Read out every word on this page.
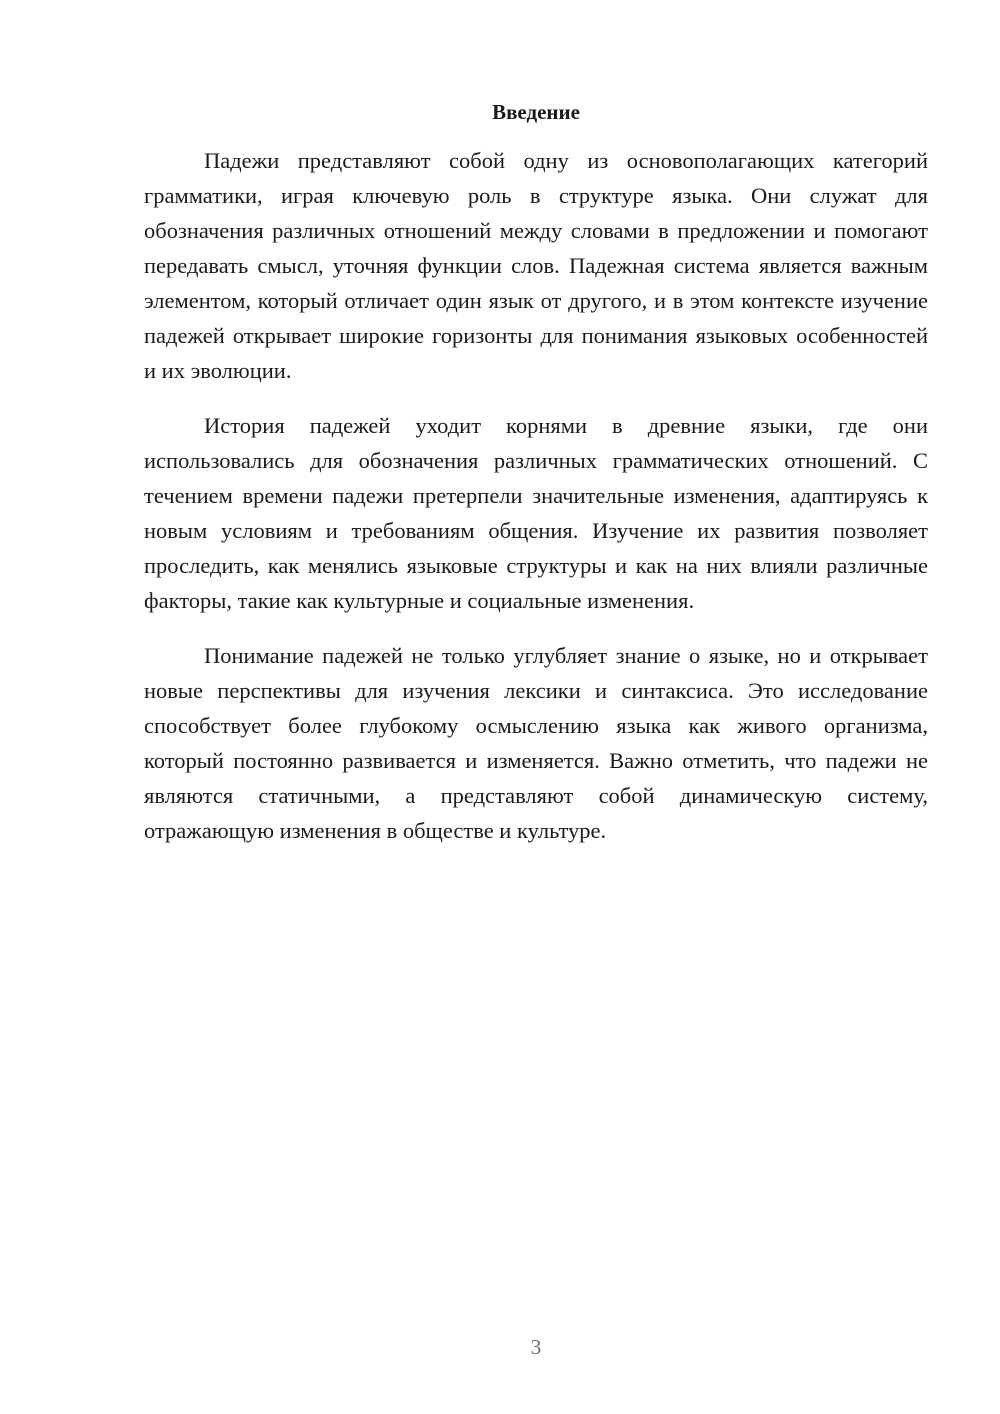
Введение

Падежи представляют собой одну из основополагающих категорий грамматики, играя ключевую роль в структуре языка. Они служат для обозначения различных отношений между словами в предложении и помогают передавать смысл, уточняя функции слов. Падежная система является важным элементом, который отличает один язык от другого, и в этом контексте изучение падежей открывает широкие горизонты для понимания языковых особенностей и их эволюции.

История падежей уходит корнями в древние языки, где они использовались для обозначения различных грамматических отношений. С течением времени падежи претерпели значительные изменения, адаптируясь к новым условиям и требованиям общения. Изучение их развития позволяет проследить, как менялись языковые структуры и как на них влияли различные факторы, такие как культурные и социальные изменения.

Понимание падежей не только углубляет знание о языке, но и открывает новые перспективы для изучения лексики и синтаксиса. Это исследование способствует более глубокому осмыслению языка как живого организма, который постоянно развивается и изменяется. Важно отметить, что падежи не являются статичными, а представляют собой динамическую систему, отражающую изменения в обществе и культуре.

3
